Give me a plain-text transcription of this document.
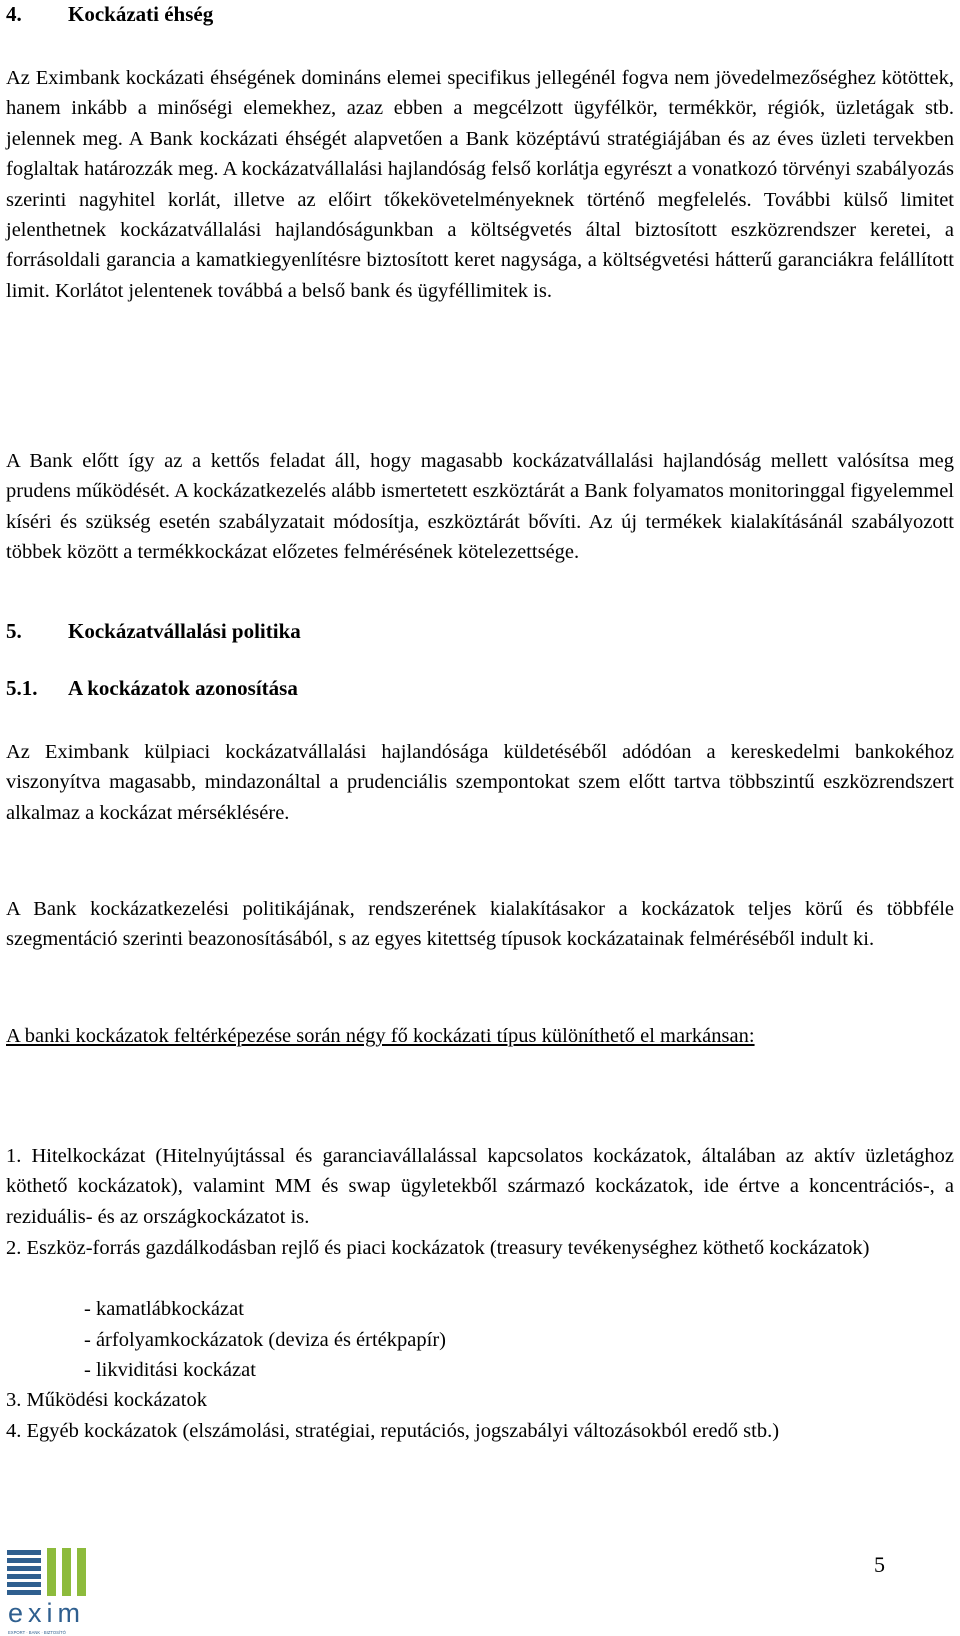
4. Kockázati éhség

Az Eximbank kockázati éhségének domináns elemei specifikus jellegénél fogva nem jövedelmezőséghez kötöttek, hanem inkább a minőségi elemekhez, azaz ebben a megcélzott ügyfélkör, termékkör, régiók, üzletágak stb. jelennek meg. A Bank kockázati éhségét alapvetően a Bank középtávú stratégiájában és az éves üzleti tervekben foglaltak határozzák meg. A kockázatvállalási hajlandóság felső korlátja egyrészt a vonatkozó törvényi szabályozás szerinti nagyhitel korlát, illetve az előirt tőkekövetelményeknek történő megfelelés. További külső limitet jelenthetnek kockázatvállalási hajlandóságunkban a költségvetés által biztosított eszközrendszer keretei, a forrásoldali garancia a kamatkiegyenlítésre biztosított keret nagysága, a költségvetési hátterű garanciákra felállított limit. Korlátot jelentenek továbbá a belső bank és ügyféllimitek is.

A Bank előtt így az a kettős feladat áll, hogy magasabb kockázatvállalási hajlandóság mellett valósítsa meg prudens működését. A kockázatkezelés alább ismertetett eszköztárát a Bank folyamatos monitoringgal figyelemmel kíséri és szükség esetén szabályzatait módosítja, eszköztárát bővíti. Az új termékek kialakításánál szabályozott többek között a termékkockázat előzetes felmérésének kötelezettsége.

5. Kockázatvállalási politika
5.1. A kockázatok azonosítása

Az Eximbank külpiaci kockázatvállalási hajlandósága küldetéséből adódóan a kereskedelmi bankokéhoz viszonyítva magasabb, mindazonáltal a prudenciális szempontokat szem előtt tartva többszintű eszközrendszert alkalmaz a kockázat mérséklésére.

A Bank kockázatkezelési politikájának, rendszerének kialakításakor a kockázatok teljes körű és többféle szegmentáció szerinti beazonosításából, s az egyes kitettség típusok kockázatainak felméréséből indult ki.

A banki kockázatok feltérképezése során négy fő kockázati típus különíthető el markánsan:

1. Hitelkockázat (Hitelnyújtással és garanciavállalással kapcsolatos kockázatok, általában az aktív üzletághoz köthető kockázatok), valamint MM és swap ügyletekből származó kockázatok, ide értve a koncentrációs-, a reziduális- és az országkockázatot is.

2. Eszköz-forrás gazdálkodásban rejlő és piaci kockázatok (treasury tevékenységhez köthető kockázatok)

- kamatlábkockázat
- árfolyamkockázatok (deviza és értékpapír)
- likviditási kockázat

3. Működési kockázatok

4. Egyéb kockázatok (elszámolási, stratégiai, reputációs, jogszabályi változásokból eredő stb.)

5
exim
EXPORT · BANK · BIZTOSÍTÓ
